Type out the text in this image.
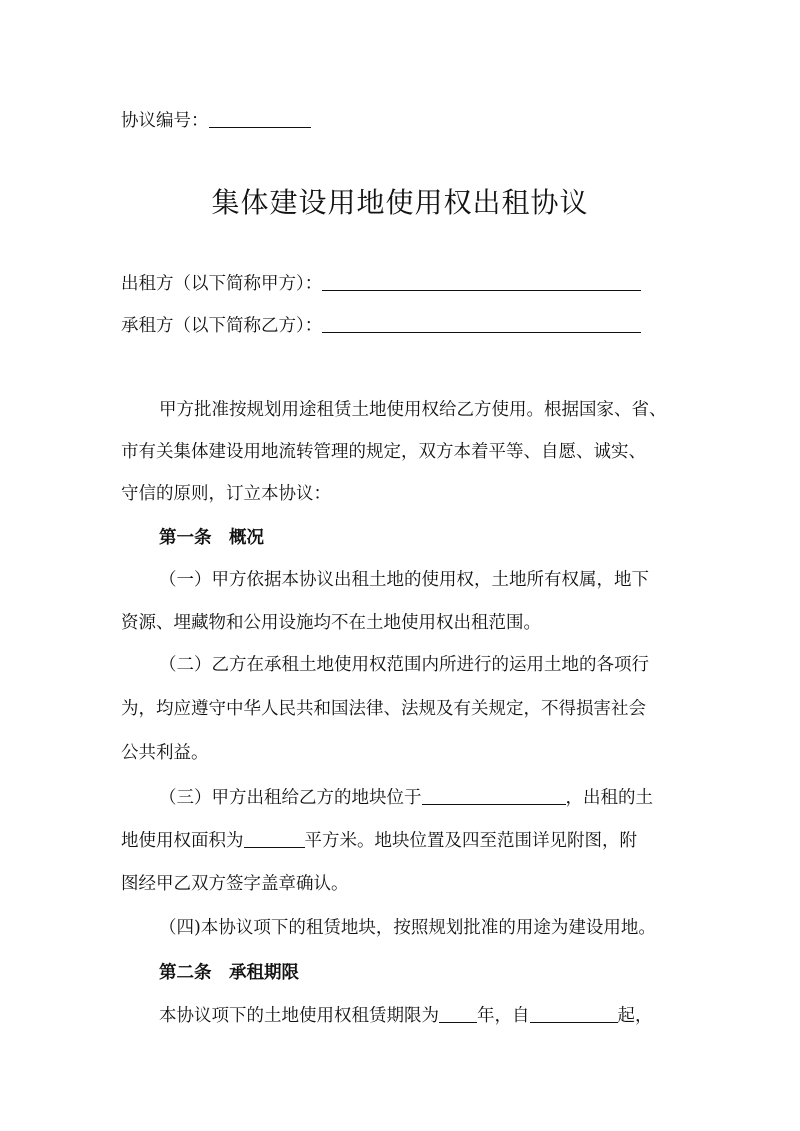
协议编号：
集体建设用地使用权出租协议
出租方（以下简称甲方）：
承租方（以下简称乙方）：
甲方批准按规划用途租赁土地使用权给乙方使用。根据国家、省、
市有关集体建设用地流转管理的规定，双方本着平等、自愿、诚实、
守信的原则，订立本协议：
第一条　概况
（一）甲方依据本协议出租土地的使用权，土地所有权属，地下
资源、埋藏物和公用设施均不在土地使用权出租范围。
（二）乙方在承租土地使用权范围内所进行的运用土地的各项行
为，均应遵守中华人民共和国法律、法规及有关规定，不得损害社会
公共利益。
（三）甲方出租给乙方的地块位于	，出租的土
地使用权面积为	平方米。地块位置及四至范围详见附图，附
图经甲乙双方签字盖章确认。
（四)本协议项下的租赁地块，按照规划批准的用途为建设用地。
第二条　承租期限
本协议项下的土地使用权租赁期限为 年，自	起，
